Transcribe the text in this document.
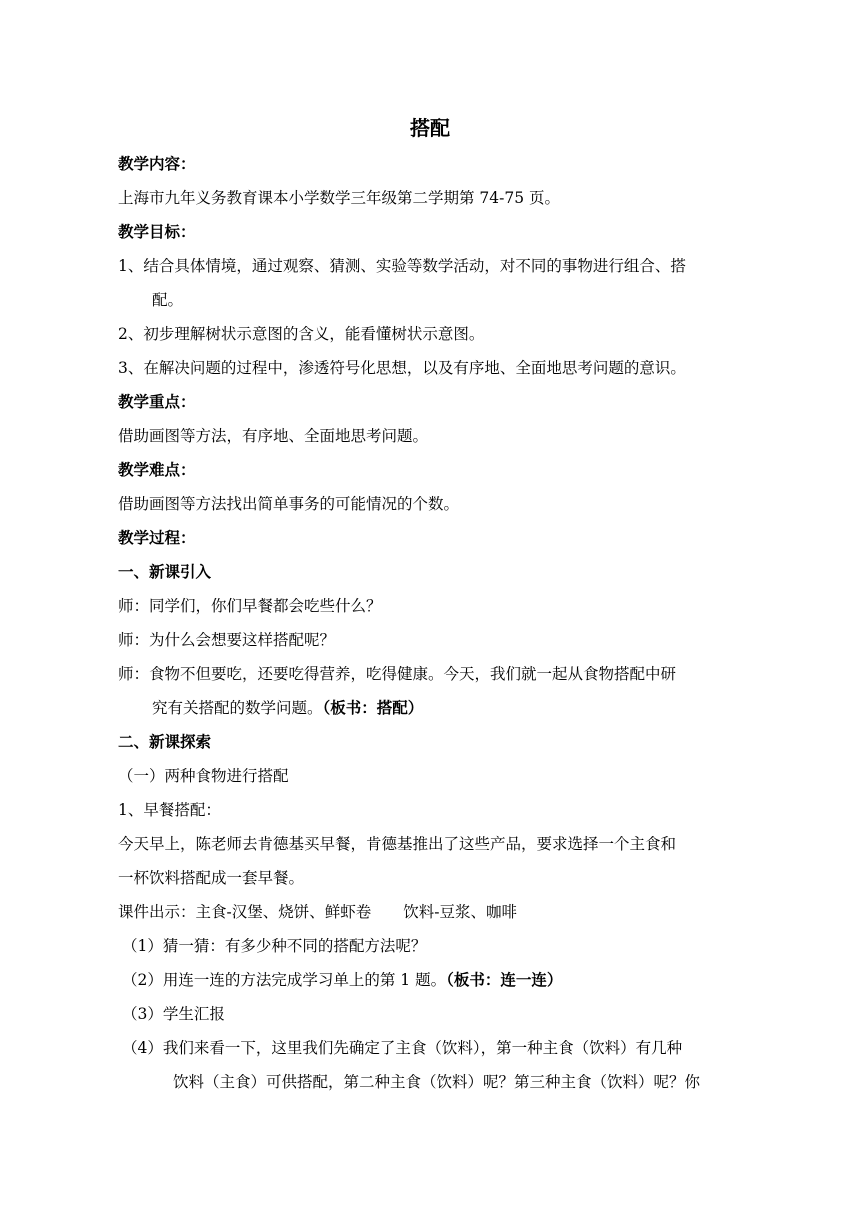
搭配
教学内容：
上海市九年义务教育课本小学数学三年级第二学期第 74-75 页。
教学目标：
1、结合具体情境，通过观察、猜测、实验等数学活动，对不同的事物进行组合、搭
配。
2、初步理解树状示意图的含义，能看懂树状示意图。
3、在解决问题的过程中，渗透符号化思想，以及有序地、全面地思考问题的意识。
教学重点：
借助画图等方法，有序地、全面地思考问题。
教学难点：
借助画图等方法找出简单事务的可能情况的个数。
教学过程：
一、新课引入
师：同学们，你们早餐都会吃些什么？
师：为什么会想要这样搭配呢？
师：食物不但要吃，还要吃得营养，吃得健康。今天，我们就一起从食物搭配中研
究有关搭配的数学问题。（板书：搭配）
二、新课探索
（一）两种食物进行搭配
1、早餐搭配：
今天早上，陈老师去肯德基买早餐，肯德基推出了这些产品，要求选择一个主食和
一杯饮料搭配成一套早餐。
课件出示：主食-汉堡、烧饼、鲜虾卷 饮料-豆浆、咖啡
（1）猜一猜：有多少种不同的搭配方法呢？
（2）用连一连的方法完成学习单上的第 1 题。（板书：连一连）
（3）学生汇报
（4）我们来看一下，这里我们先确定了主食（饮料），第一种主食（饮料）有几种
饮料（主食）可供搭配，第二种主食（饮料）呢？第三种主食（饮料）呢？你
